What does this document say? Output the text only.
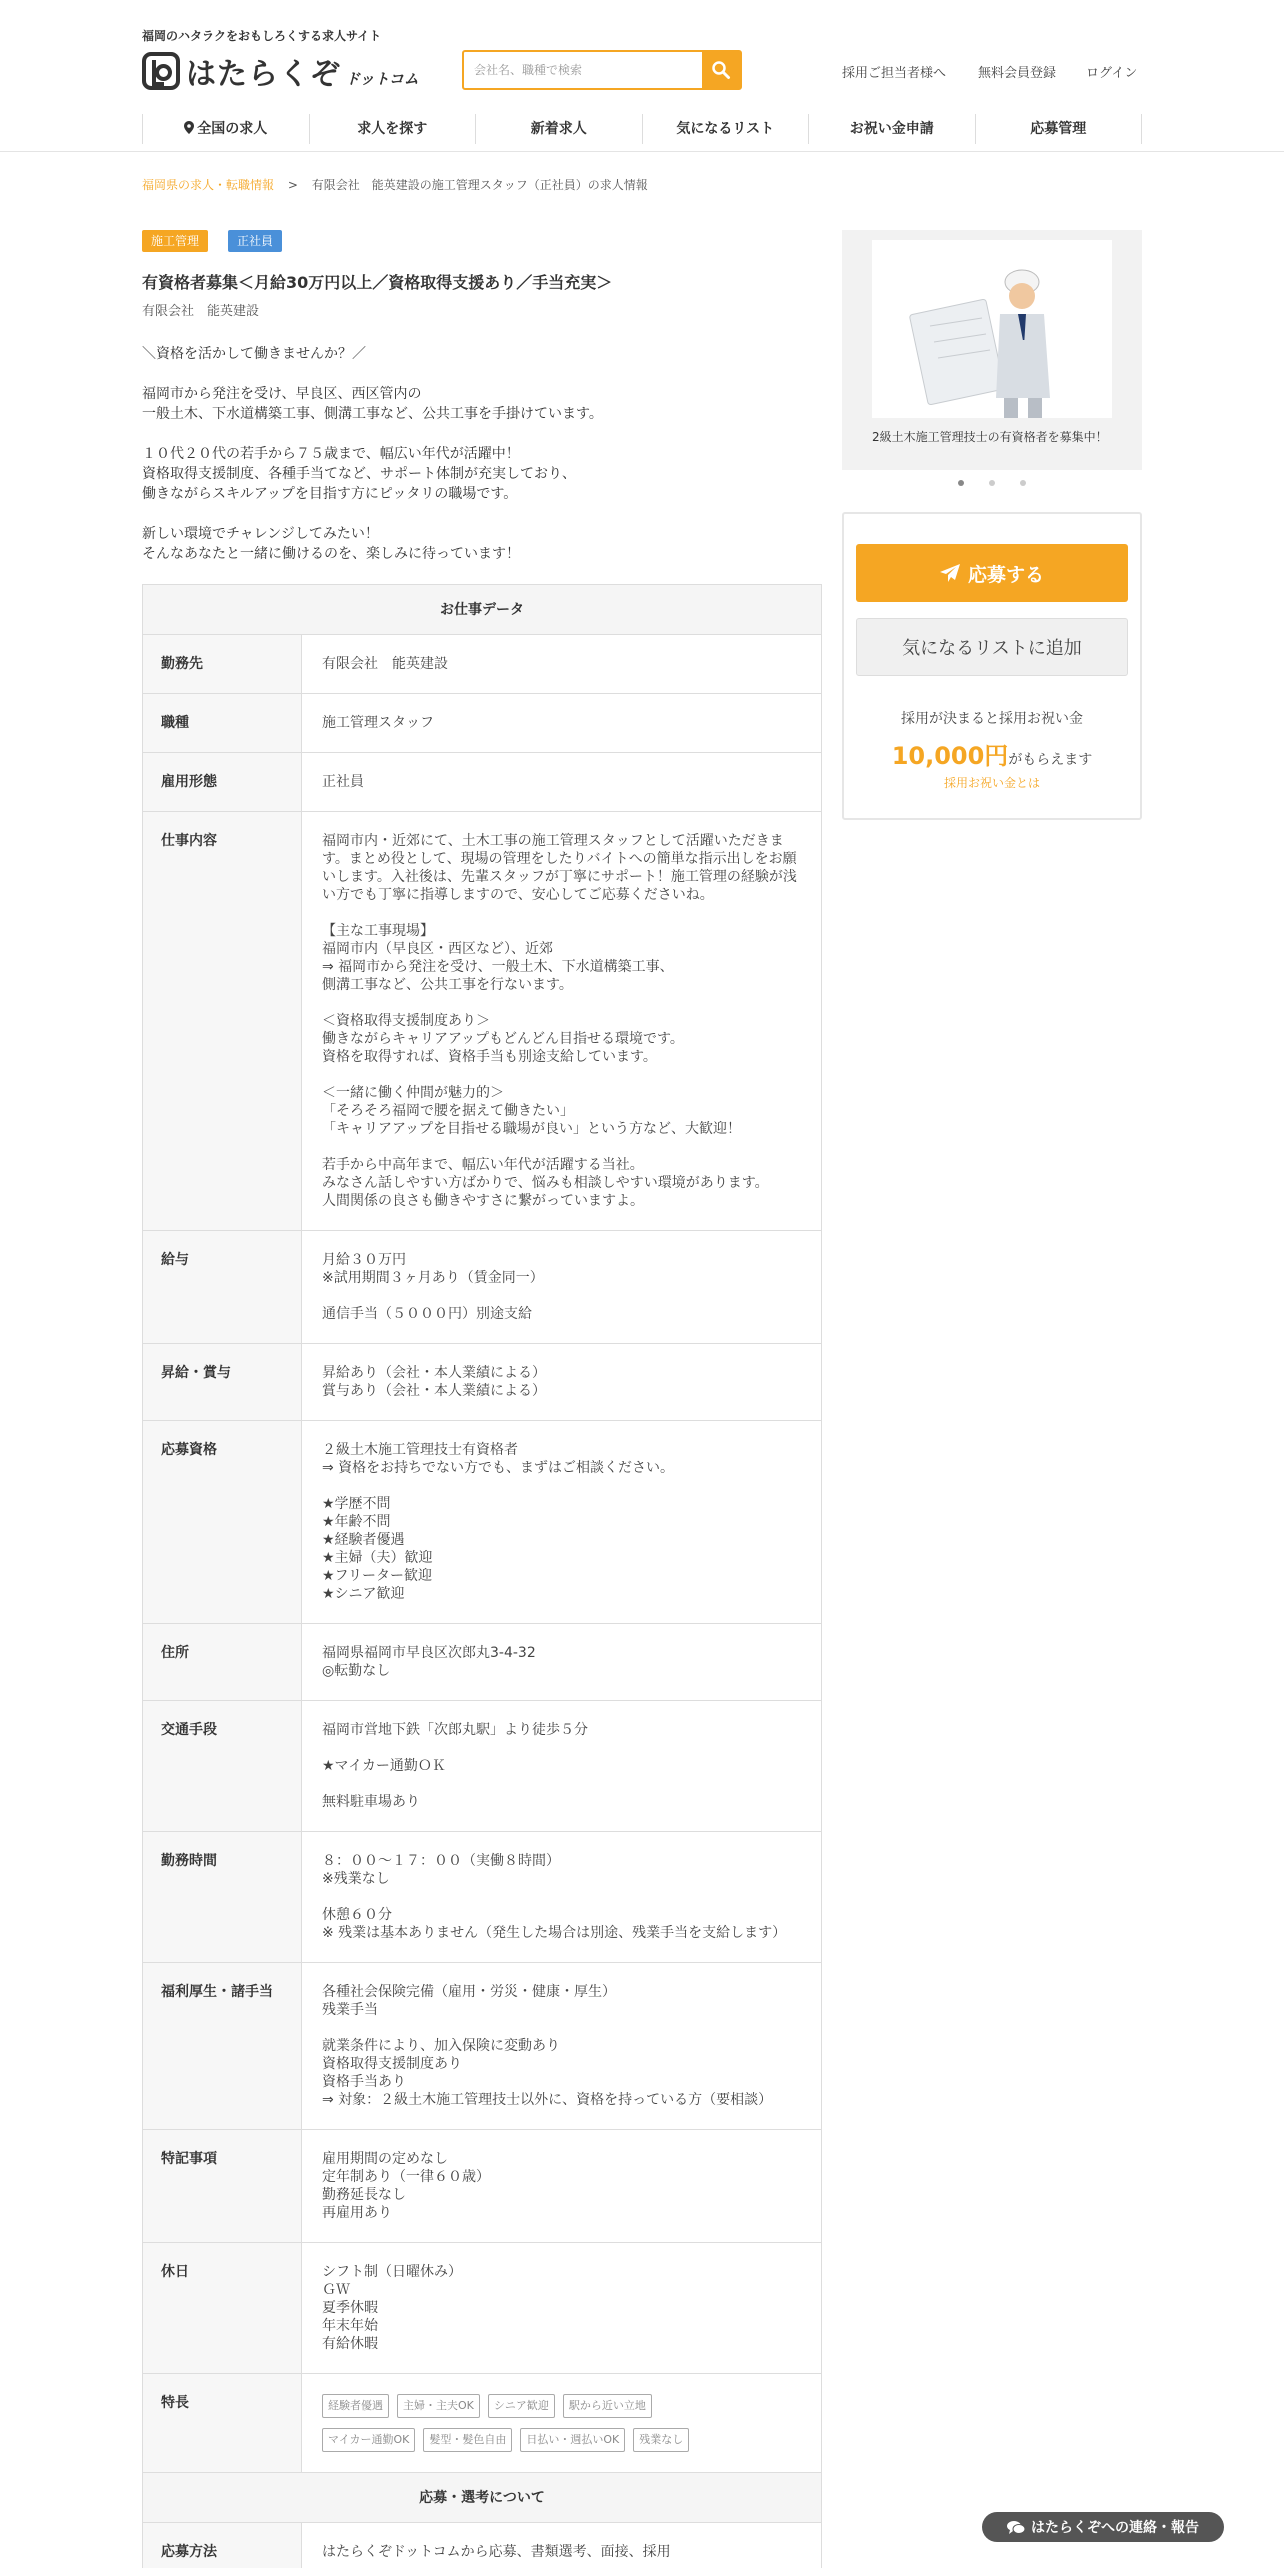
福岡のハタラクをおもしろくする求人サイト
はたらくぞ ドットコム
会社名、職種で検索	採用ご担当者様へ 無料会員登録 ログイン
全国の求人	求人を探す	新着求人	気になるリスト	お祝い金申請	応募管理
福岡県の求人・転職情報 > 有限会社　能英建設の施工管理スタッフ（正社員）の求人情報
施工管理	正社員
有資格者募集＜月給30万円以上／資格取得支援あり／手当充実＞
有限会社　能英建設
＼資格を活かして働きませんか？／

福岡市から発注を受け、早良区、西区管内の
一般土木、下水道構築工事、側溝工事など、公共工事を手掛けています。

１０代２０代の若手から７５歳まで、幅広い年代が活躍中！
資格取得支援制度、各種手当てなど、サポート体制が充実しており、
働きながらスキルアップを目指す方にピッタリの職場です。

新しい環境でチャレンジしてみたい！
そんなあなたと一緒に働けるのを、楽しみに待っています！
お仕事データ
勤務先	有限会社　能英建設
職種	施工管理スタッフ
雇用形態	正社員
仕事内容	福岡市内・近郊にて、土木工事の施工管理スタッフとして活躍いただきます。まとめ役として、現場の管理をしたりバイトへの簡単な指示出しをお願いします。入社後は、先輩スタッフが丁寧にサポート！施工管理の経験が浅い方でも丁寧に指導しますので、安心してご応募くださいね。

【主な工事現場】
福岡市内（早良区・西区など）、近郊
⇒ 福岡市から発注を受け、一般土木、下水道構築工事、
側溝工事など、公共工事を行ないます。

＜資格取得支援制度あり＞
働きながらキャリアアップもどんどん目指せる環境です。
資格を取得すれば、資格手当も別途支給しています。

＜一緒に働く仲間が魅力的＞
「そろそろ福岡で腰を据えて働きたい」
「キャリアアップを目指せる職場が良い」という方など、大歓迎！

若手から中高年まで、幅広い年代が活躍する当社。
みなさん話しやすい方ばかりで、悩みも相談しやすい環境があります。
人間関係の良さも働きやすさに繋がっていますよ。
給与	月給３０万円
※試用期間３ヶ月あり（賃金同一）

通信手当（５０００円）別途支給
昇給・賞与	昇給あり（会社・本人業績による）
賞与あり（会社・本人業績による）
応募資格	２級土木施工管理技士有資格者
⇒ 資格をお持ちでない方でも、まずはご相談ください。

★学歴不問
★年齢不問
★経験者優遇
★主婦（夫）歓迎
★フリーター歓迎
★シニア歓迎
住所	福岡県福岡市早良区次郎丸3-4-32
◎転勤なし
交通手段	福岡市営地下鉄「次郎丸駅」より徒歩５分

★マイカー通勤ＯＫ

無料駐車場あり
勤務時間	８：００～１７：００（実働８時間）
※残業なし

休憩６０分
※ 残業は基本ありません（発生した場合は別途、残業手当を支給します）
福利厚生・諸手当	各種社会保険完備（雇用・労災・健康・厚生）
残業手当

就業条件により、加入保険に変動あり
資格取得支援制度あり
資格手当あり
⇒ 対象：２級土木施工管理技士以外に、資格を持っている方（要相談）
特記事項	雇用期間の定めなし
定年制あり（一律６０歳）
勤務延長なし
再雇用あり
休日	シフト制（日曜休み）
ＧＷ
夏季休暇
年末年始
有給休暇
特長	経験者優遇 主婦・主夫OK シニア歓迎 駅から近い立地
マイカー通勤OK 髪型・髪色自由 日払い・週払いOK 残業なし
応募・選考について
応募方法	はたらくぞドットコムから応募、書類選考、面接、採用
2級土木施工管理技士の有資格者を募集中！
応募する
気になるリストに追加
採用が決まると採用お祝い金
10,000円がもらえます
採用お祝い金とは
はたらくぞへの連絡・報告
